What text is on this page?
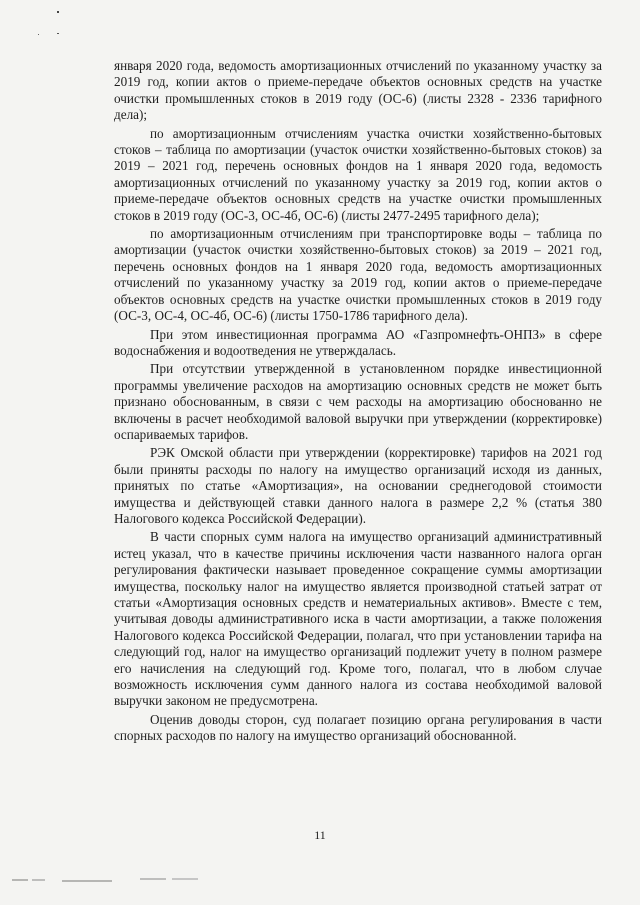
января 2020 года, ведомость амортизационных отчислений по указанному участку за 2019 год, копии актов о приеме-передаче объектов основных средств на участке очистки промышленных стоков в 2019 году (ОС-6) (листы 2328 - 2336 тарифного дела);

по амортизационным отчислениям участка очистки хозяйственно-бытовых стоков – таблица по амортизации (участок очистки хозяйственно-бытовых стоков) за 2019 – 2021 год, перечень основных фондов на 1 января 2020 года, ведомость амортизационных отчислений по указанному участку за 2019 год, копии актов о приеме-передаче объектов основных средств на участке очистки промышленных стоков в 2019 году (ОС-3, ОС-4б, ОС-6) (листы 2477-2495 тарифного дела);

по амортизационным отчислениям при транспортировке воды – таблица по амортизации (участок очистки хозяйственно-бытовых стоков) за 2019 – 2021 год, перечень основных фондов на 1 января 2020 года, ведомость амортизационных отчислений по указанному участку за 2019 год, копии актов о приеме-передаче объектов основных средств на участке очистки промышленных стоков в 2019 году (ОС-3, ОС-4, ОС-4б, ОС-6) (листы 1750-1786 тарифного дела).

При этом инвестиционная программа АО «Газпромнефть-ОНПЗ» в сфере водоснабжения и водоотведения не утверждалась.

При отсутствии утвержденной в установленном порядке инвестиционной программы увеличение расходов на амортизацию основных средств не может быть признано обоснованным, в связи с чем расходы на амортизацию обоснованно не включены в расчет необходимой валовой выручки при утверждении (корректировке) оспариваемых тарифов.

РЭК Омской области при утверждении (корректировке) тарифов на 2021 год были приняты расходы по налогу на имущество организаций исходя из данных, принятых по статье «Амортизация», на основании среднегодовой стоимости имущества и действующей ставки данного налога в размере 2,2 % (статья 380 Налогового кодекса Российской Федерации).

В части спорных сумм налога на имущество организаций административный истец указал, что в качестве причины исключения части названного налога орган регулирования фактически называет проведенное сокращение суммы амортизации имущества, поскольку налог на имущество является производной статьей затрат от статьи «Амортизация основных средств и нематериальных активов». Вместе с тем, учитывая доводы административного иска в части амортизации, а также положения Налогового кодекса Российской Федерации, полагал, что при установлении тарифа на следующий год, налог на имущество организаций подлежит учету в полном размере его начисления на следующий год. Кроме того, полагал, что в любом случае возможность исключения сумм данного налога из состава необходимой валовой выручки законом не предусмотрена.

Оценив доводы сторон, суд полагает позицию органа регулирования в части спорных расходов по налогу на имущество организаций обоснованной.

11
